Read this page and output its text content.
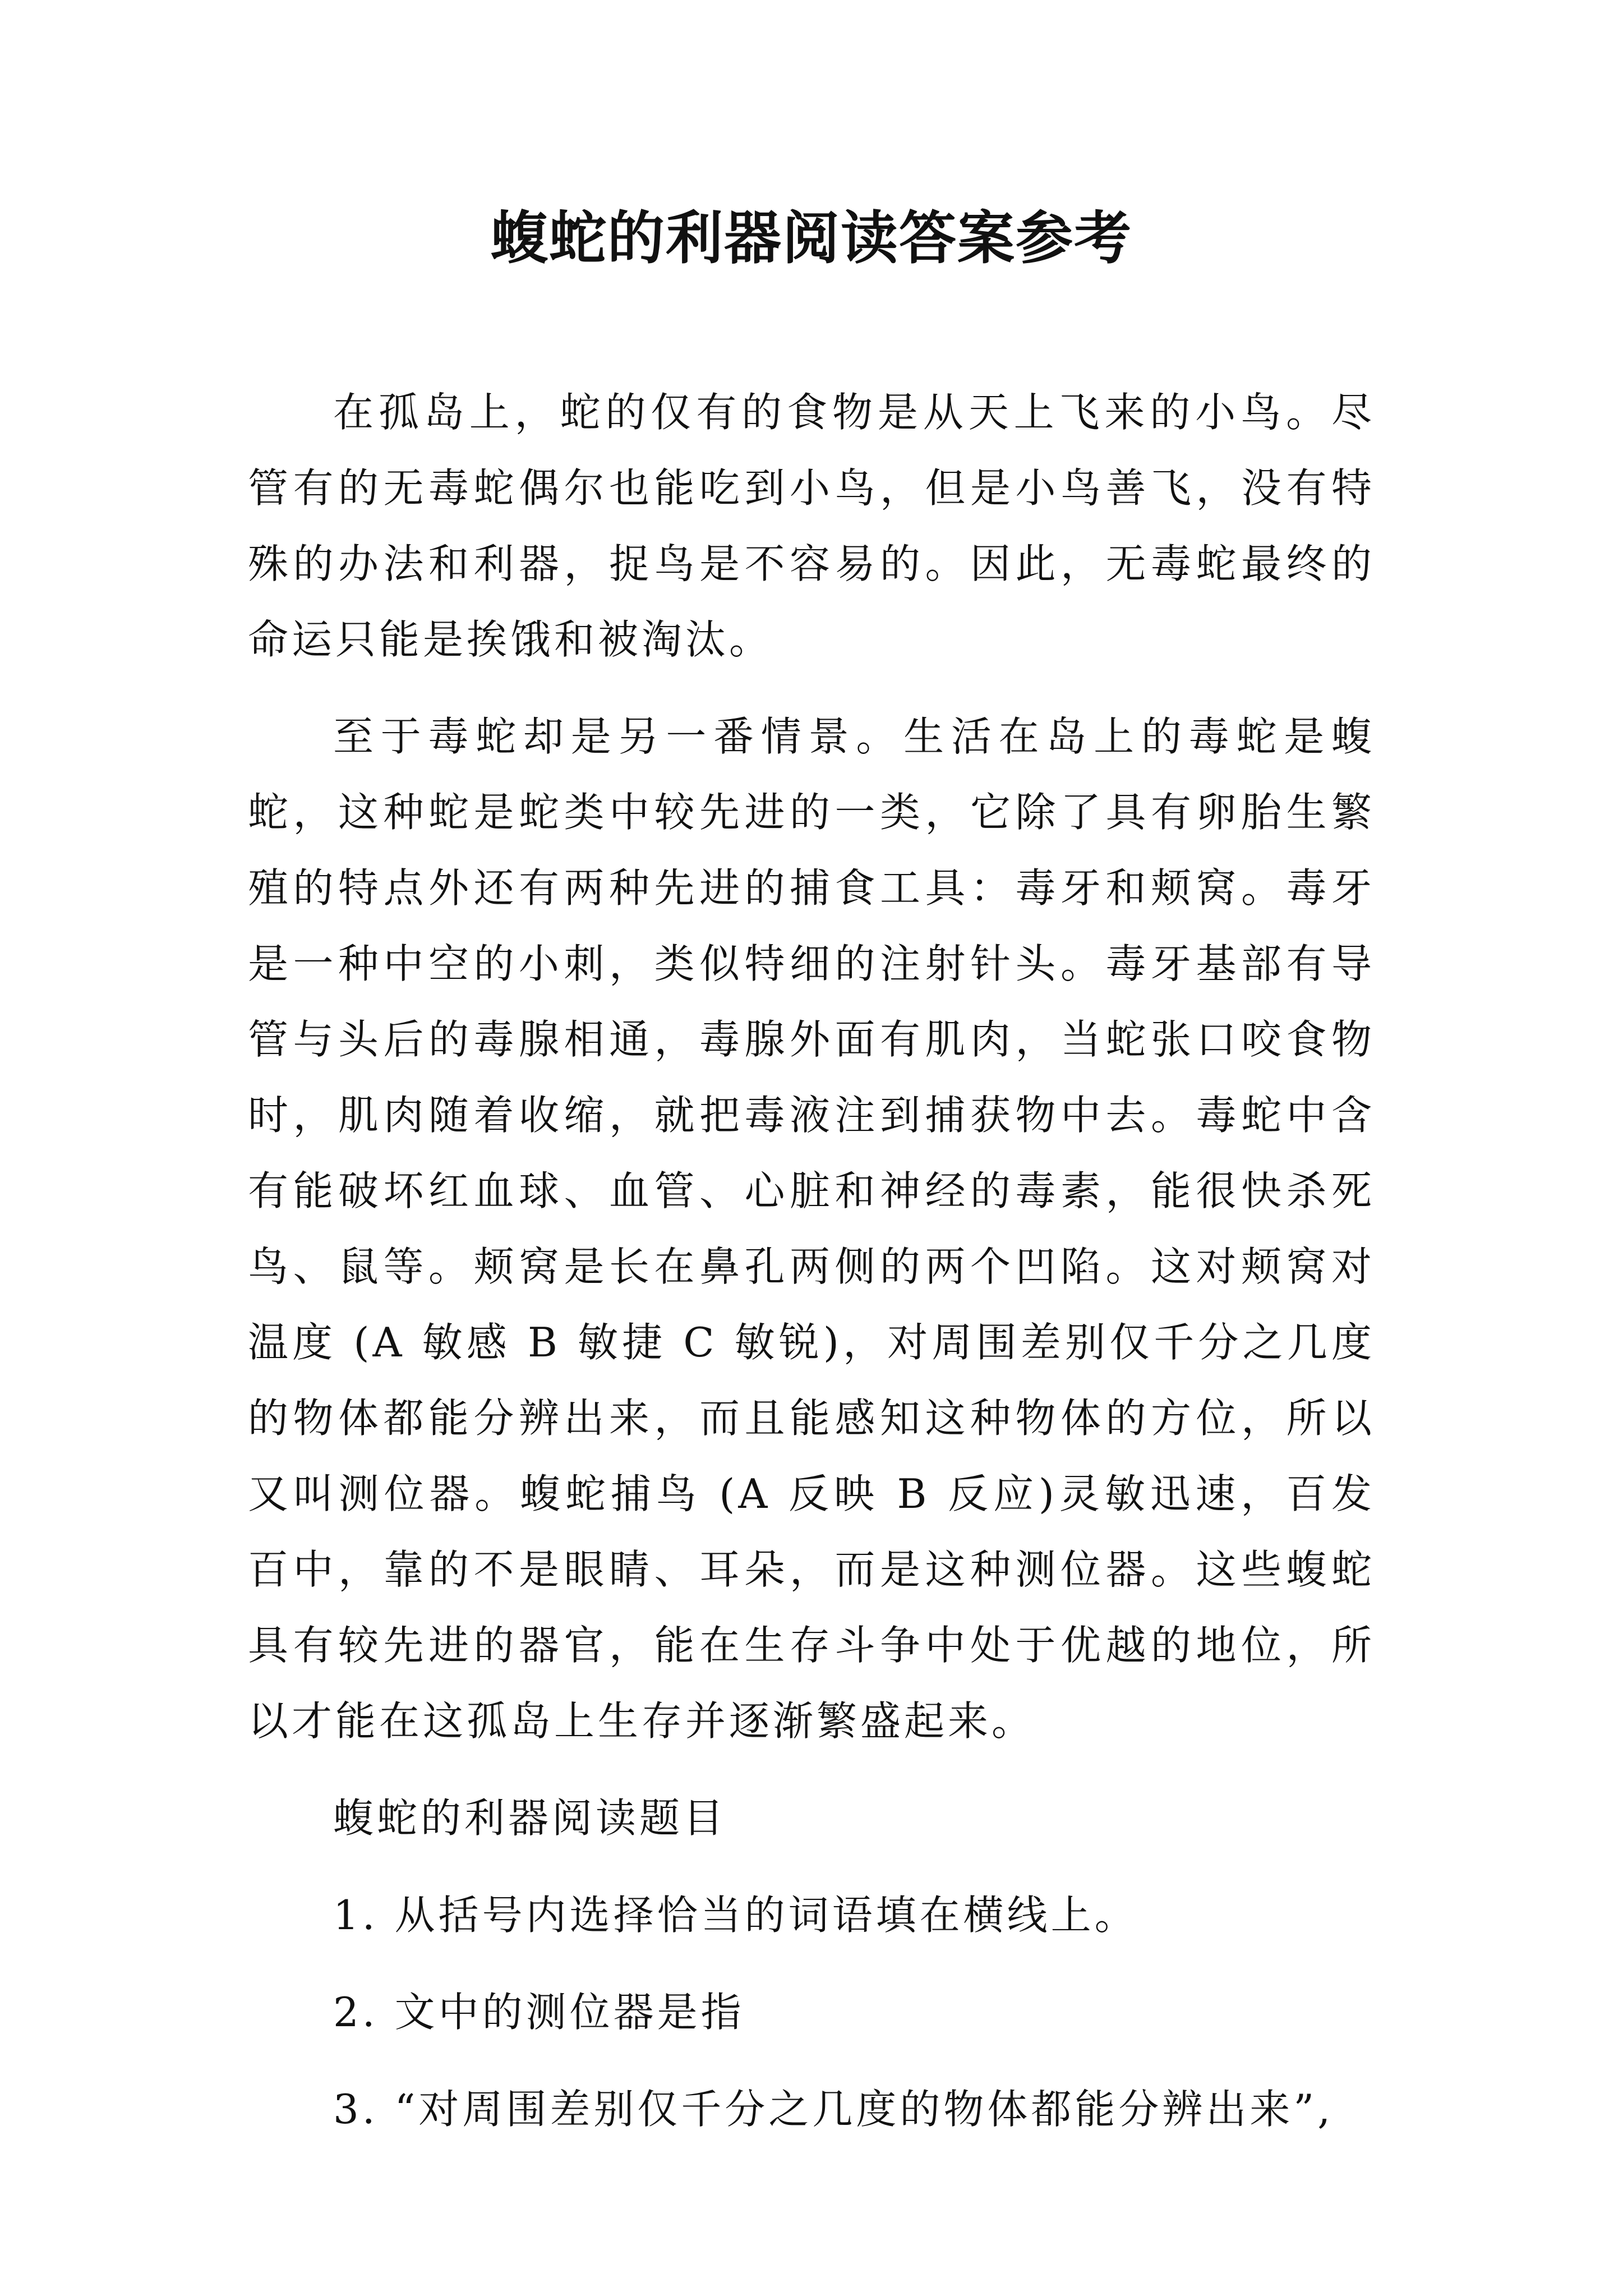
蝮蛇的利器阅读答案参考

在孤岛上，蛇的仅有的食物是从天上飞来的小鸟。尽管有的无毒蛇偶尔也能吃到小鸟，但是小鸟善飞，没有特殊的办法和利器，捉鸟是不容易的。因此，无毒蛇最终的命运只能是挨饿和被淘汰。

至于毒蛇却是另一番情景。生活在岛上的毒蛇是蝮蛇，这种蛇是蛇类中较先进的一类，它除了具有卵胎生繁殖的特点外还有两种先进的捕食工具：毒牙和颊窝。毒牙是一种中空的小刺，类似特细的注射针头。毒牙基部有导管与头后的毒腺相通，毒腺外面有肌肉，当蛇张口咬食物时，肌肉随着收缩，就把毒液注到捕获物中去。毒蛇中含有能破坏红血球、血管、心脏和神经的毒素，能很快杀死鸟、鼠等。颊窝是长在鼻孔两侧的两个凹陷。这对颊窝对温度 (A 敏感 B 敏捷 C 敏锐)，对周围差别仅千分之几度的物体都能分辨出来，而且能感知这种物体的方位，所以又叫测位器。蝮蛇捕鸟 (A 反映 B 反应)灵敏迅速，百发百中，靠的不是眼睛、耳朵，而是这种测位器。这些蝮蛇具有较先进的器官，能在生存斗争中处于优越的地位，所以才能在这孤岛上生存并逐渐繁盛起来。

蝮蛇的利器阅读题目

1. 从括号内选择恰当的词语填在横线上。

2. 文中的测位器是指

3. “对周围差别仅千分之几度的物体都能分辨出来”,
